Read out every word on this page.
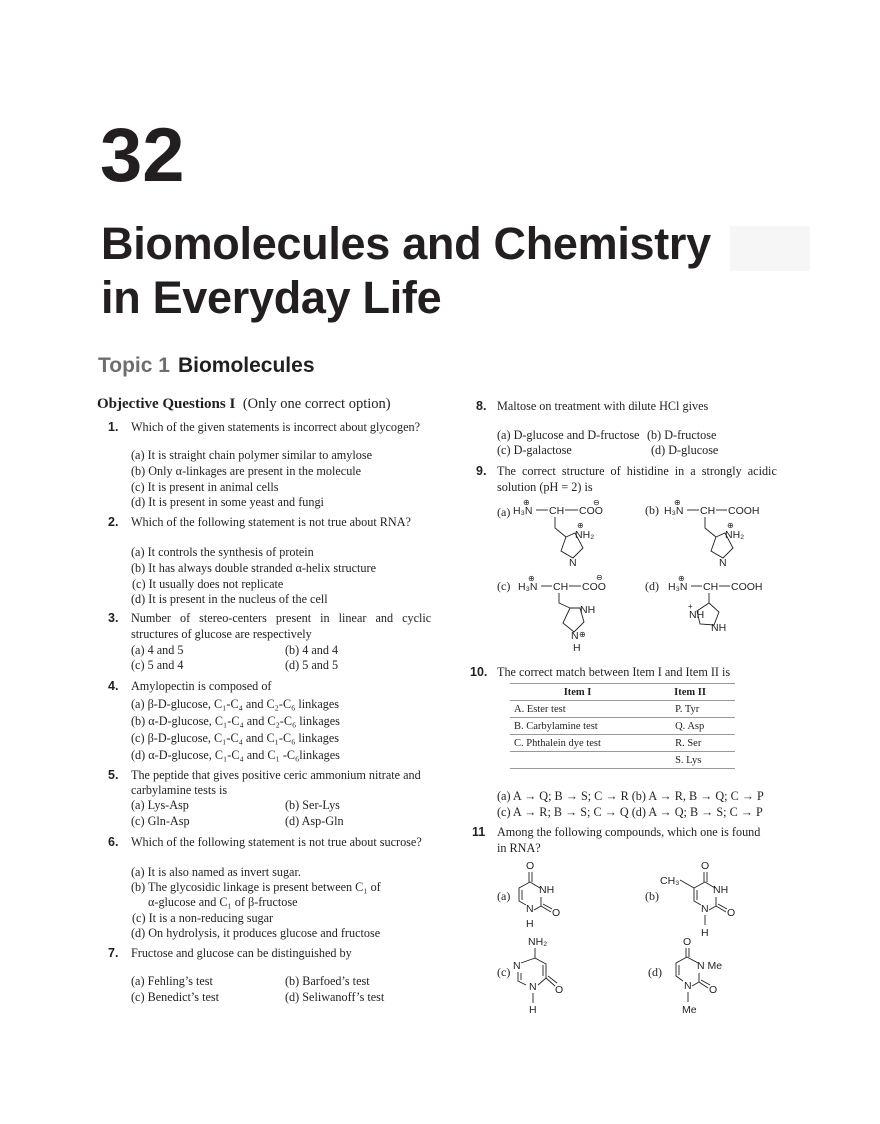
32
Biomolecules and Chemistry
in Everyday Life
Topic 1 Biomolecules
Objective Questions I (Only one correct option)
1. Which of the given statements is incorrect about glycogen?
(a) It is straight chain polymer similar to amylose
(b) Only α-linkages are present in the molecule
(c) It is present in animal cells
(d) It is present in some yeast and fungi
2. Which of the following statement is not true about RNA?
(a) It controls the synthesis of protein
(b) It has always double stranded α-helix structure
(c) It usually does not replicate
(d) It is present in the nucleus of the cell
3. Number of stereo-centers present in linear and cyclic
structures of glucose are respectively
(a) 4 and 5	(b) 4 and 4
(c) 5 and 4	(d) 5 and 5
4. Amylopectin is composed of
(a) β-D-glucose, C₁-C₄ and C₂-C₆ linkages
(b) α-D-glucose, C₁-C₄ and C₂-C₆ linkages
(c) β-D-glucose, C₁-C₄ and C₁-C₆ linkages
(d) α-D-glucose, C₁-C₄ and C₁ -C₆linkages
5. The peptide that gives positive ceric ammonium nitrate and
carbylamine tests is
(a) Lys-Asp	(b) Ser-Lys
(c) Gln-Asp	(d) Asp-Gln
6. Which of the following statement is not true about sucrose?
(a) It is also named as invert sugar.
(b) The glycosidic linkage is present between C₁ of
α-glucose and C₁ of β-fructose
(c) It is a non-reducing sugar
(d) On hydrolysis, it produces glucose and fructose
7. Fructose and glucose can be distinguished by
(a) Fehling’s test	(b) Barfoed’s test
(c) Benedict’s test	(d) Seliwanoff’s test
8. Maltose on treatment with dilute HCl gives
(a) D-glucose and D-fructose (b) D-fructose
(c) D-galactose	(d) D-glucose
9. The correct structure of histidine in a strongly acidic
solution (pH = 2) is
10. The correct match between Item I and Item II is
Item I	Item II
A. Ester test	P. Tyr
B. Carbylamine test	Q. Asp
C. Phthalein dye test	R. Ser
	S. Lys
(a) A → Q; B → S; C → R (b) A → R, B → Q; C → P
(c) A → R; B → S; C → Q (d) A → Q; B → S; C → P
11 Among the following compounds, which one is found
in RNA?
(a) H₃N
⊕
CH COO
⊖
NH₂
⊕
N
(b) H₃N
⊕
CH COOH
NH₂
⊕
N
(c) H₃N
⊕
CH COO
⊖
NH
N ⊕
H
(d) H₃N
⊕
CH COOH
NH
+
NH
(a)
O
NH
O
N
H
(b)
O
CH₃
NH
O
N
H
(c)
NH₂
N
O
N
H
(d)
O
N Me
O
N
Me
